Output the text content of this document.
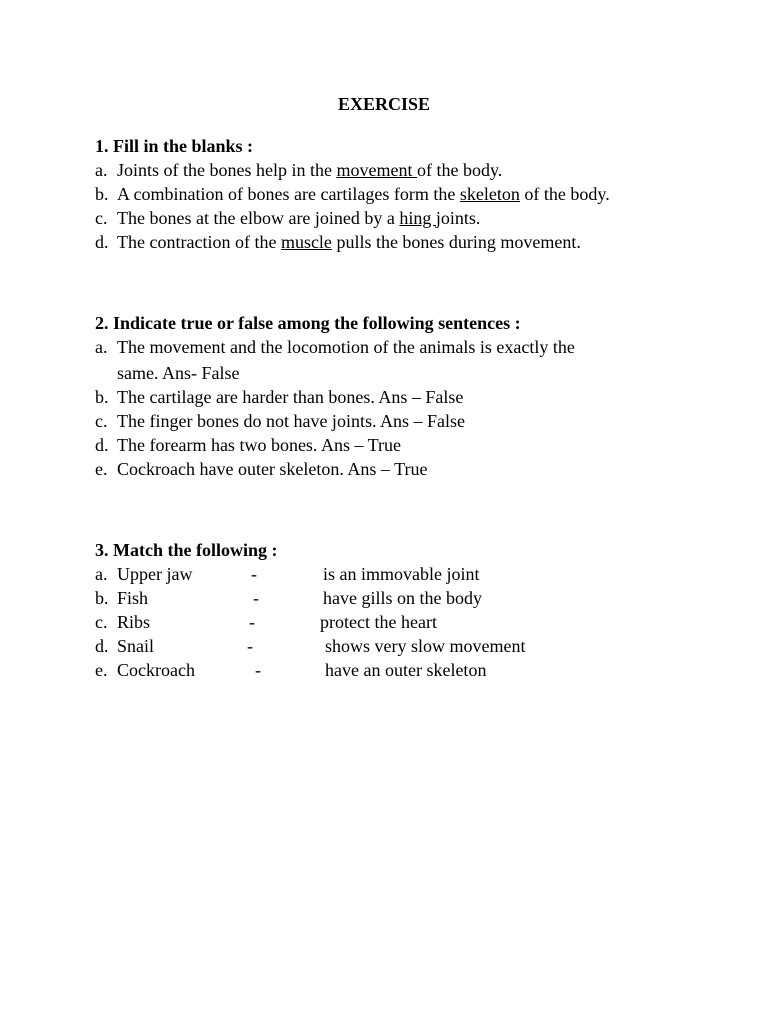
EXERCISE
1. Fill in the blanks :
a. Joints of the bones help in the movement of the body.
b. A combination of bones are cartilages form the skeleton of the body.
c. The bones at the elbow are joined by a hing joints.
d. The contraction of the muscle pulls the bones during movement.
2. Indicate true or false among the following sentences :
a. The movement and the locomotion of the animals is exactly the
same. Ans- False
b. The cartilage are harder than bones. Ans – False
c. The finger bones do not have joints. Ans – False
d. The forearm has two bones. Ans – True
e. Cockroach have outer skeleton. Ans – True
3. Match the following :
a. Upper jaw	-	is an immovable joint
b. Fish	-	have gills on the body
c. Ribs	-	protect the heart
d. Snail	-	shows very slow movement
e. Cockroach	-	have an outer skeleton
